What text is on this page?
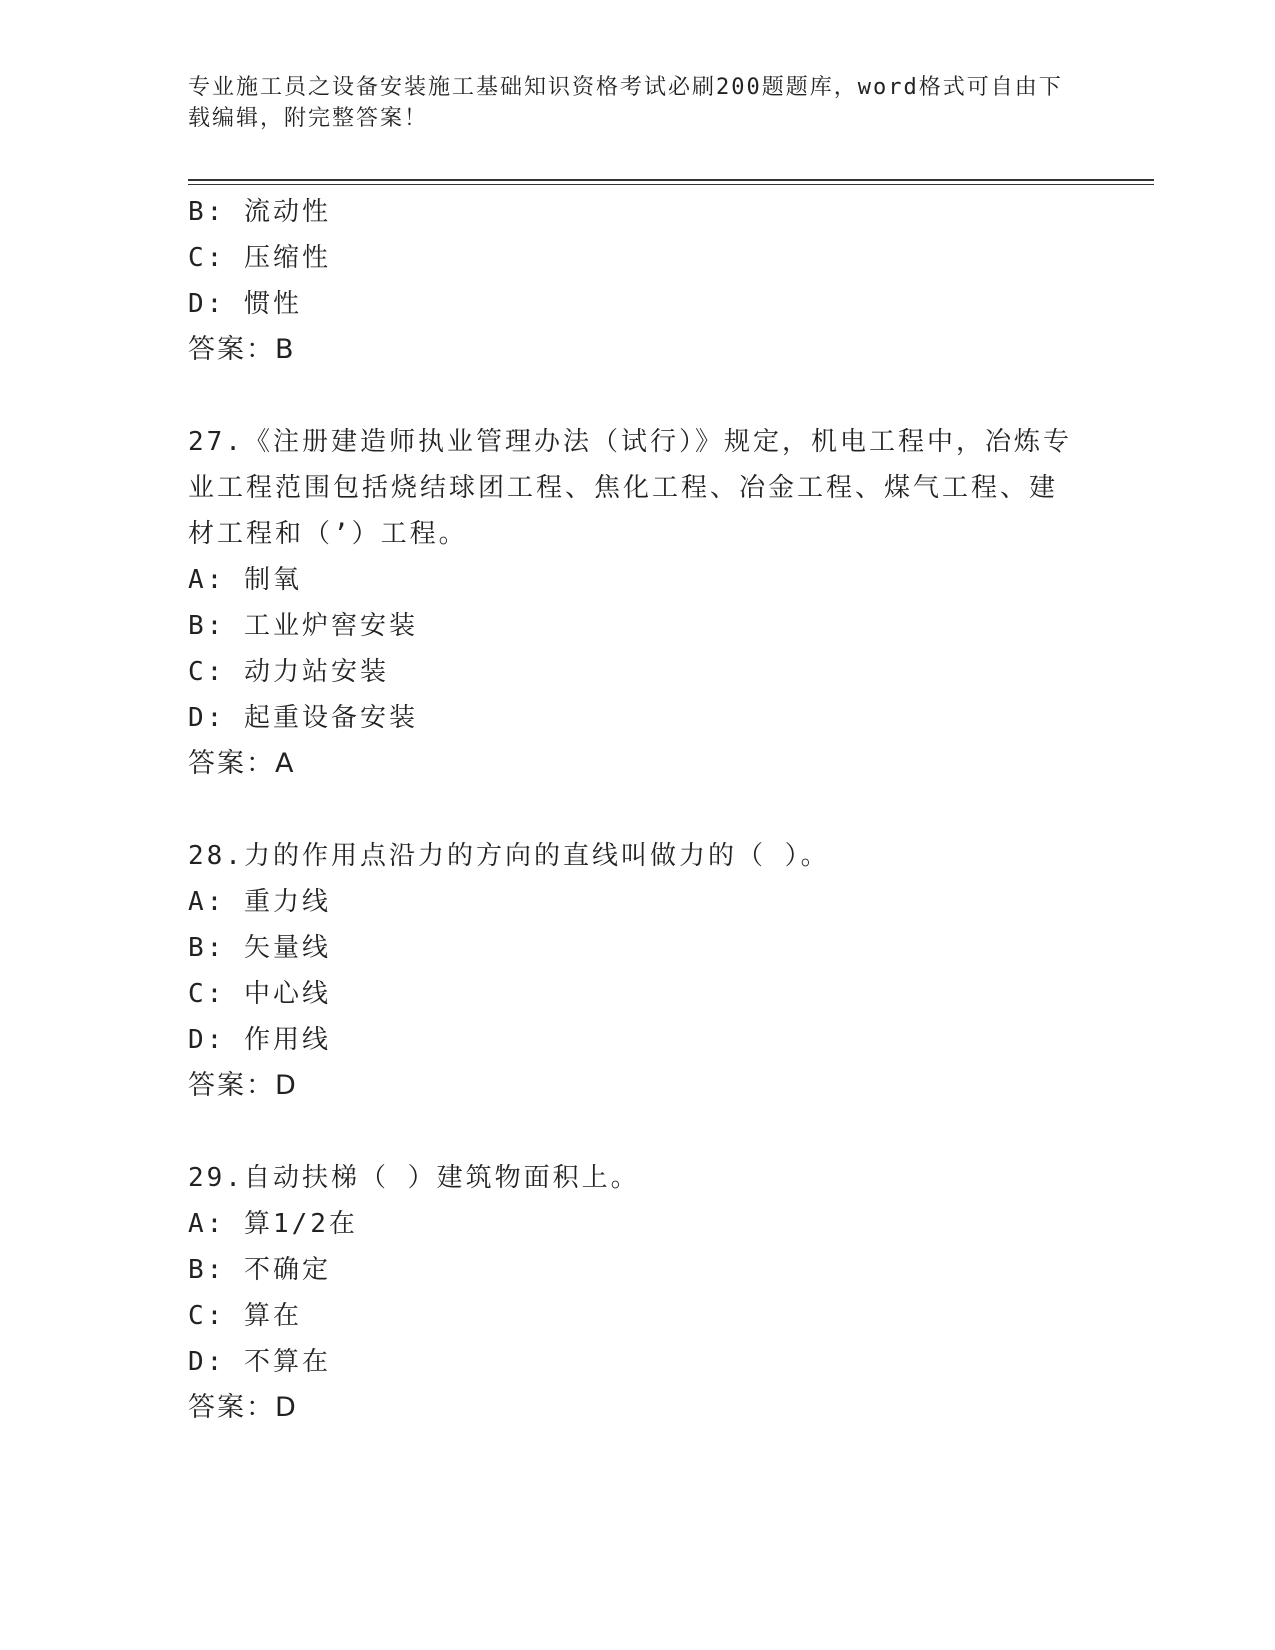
专业施工员之设备安装施工基础知识资格考试必刷200题题库，word格式可自由下载编辑，附完整答案！
B: 流动性
C: 压缩性
D: 惯性
答案：B
27.《注册建造师执业管理办法（试行）》规定，机电工程中，冶炼专
业工程范围包括烧结球团工程、焦化工程、冶金工程、煤气工程、建
材工程和（’）工程。
A: 制氧
B: 工业炉窖安装
C: 动力站安装
D: 起重设备安装
答案：A
28.力的作用点沿力的方向的直线叫做力的（ ）。
A: 重力线
B: 矢量线
C: 中心线
D: 作用线
答案：D
29.自动扶梯（ ）建筑物面积上。
A: 算1/2在
B: 不确定
C: 算在
D: 不算在
答案：D
